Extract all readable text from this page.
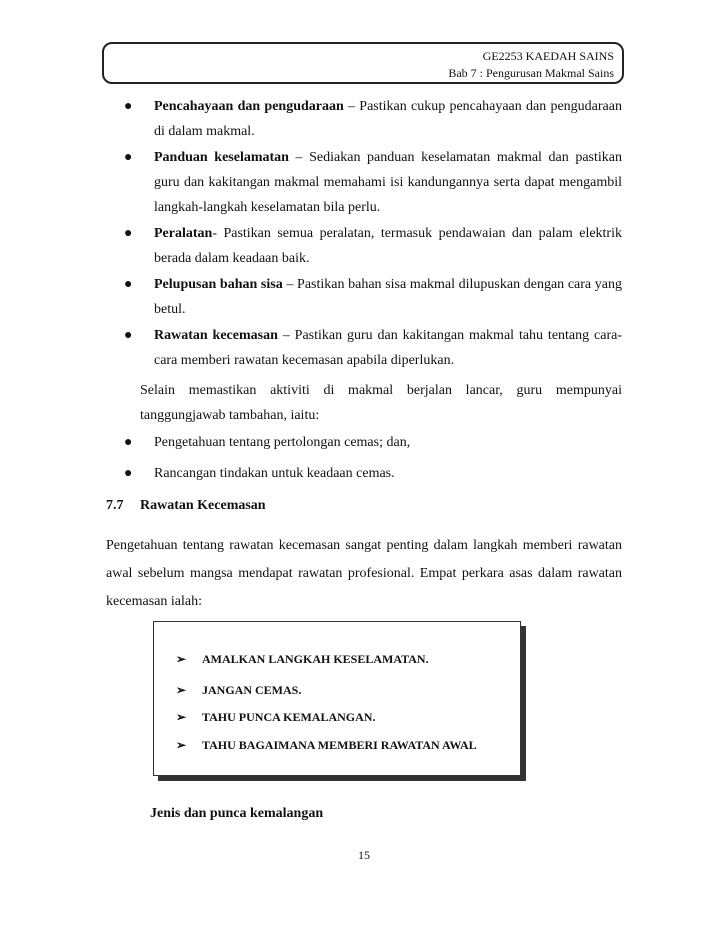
GE2253 KAEDAH SAINS
Bab 7 : Pengurusan Makmal Sains
● Pencahayaan dan pengudaraan – Pastikan cukup pencahayaan dan pengudaraan di dalam makmal.
● Panduan keselamatan – Sediakan panduan keselamatan makmal dan pastikan guru dan kakitangan makmal memahami isi kandungannya serta dapat mengambil langkah-langkah keselamatan bila perlu.
● Peralatan- Pastikan semua peralatan, termasuk pendawaian dan palam elektrik berada dalam keadaan baik.
● Pelupusan bahan sisa – Pastikan bahan sisa makmal dilupuskan dengan cara yang betul.
● Rawatan kecemasan – Pastikan guru dan kakitangan makmal tahu tentang cara-cara memberi rawatan kecemasan apabila diperlukan.
Selain memastikan aktiviti di makmal berjalan lancar, guru mempunyai tanggungjawab tambahan, iaitu:
● Pengetahuan tentang pertolongan cemas; dan,
● Rancangan tindakan untuk keadaan cemas.
7.7 Rawatan Kecemasan
Pengetahuan tentang rawatan kecemasan sangat penting dalam langkah memberi rawatan awal sebelum mangsa mendapat rawatan profesional. Empat perkara asas dalam rawatan kecemasan ialah:
➢ AMALKAN LANGKAH KESELAMATAN.
➢ JANGAN CEMAS.
➢ TAHU PUNCA KEMALANGAN.
➢ TAHU BAGAIMANA MEMBERI RAWATAN AWAL
Jenis dan punca kemalangan
15
